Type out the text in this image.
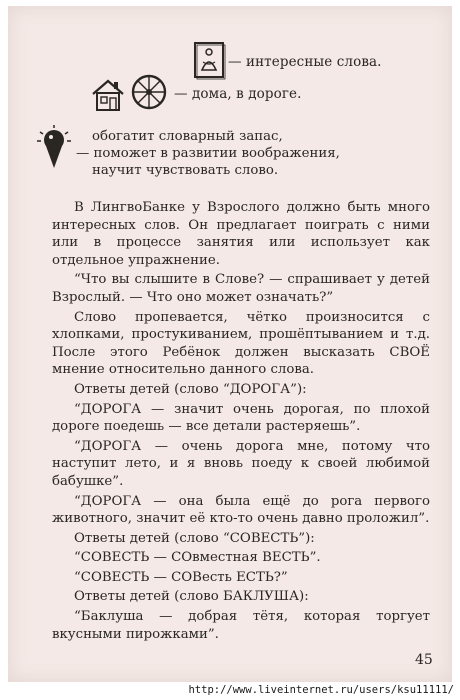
— интересные слова.
— дома, в дороге.
обогатит словарный запас,
— поможет в развитии воображения,
научит чувствовать слово.

В ЛингвоБанке у Взрослого должно быть много интересных слов. Он предлагает поиграть с ними или в процессе занятия или использует как отдельное упражнение.

“Что вы слышите в Слове? — спрашивает у детей Взрослый. — Что оно может означать?”

Слово пропевается, чётко произносится с хлопками, простукиванием, прошёптыванием и т.д. После этого Ребёнок должен высказать СВОЁ мнение относительно данного слова.

Ответы детей (слово “ДОРОГА”):

“ДОРОГА — значит очень дорогая, по плохой дороге поедешь — все детали растеряешь”.

“ДОРОГА — очень дорога мне, потому что наступит лето, и я вновь поеду к своей любимой бабушке”.

“ДОРОГА — она была ещё до рога первого животного, значит её кто-то очень давно проложил”.

Ответы детей (слово “СОВЕСТЬ”):

“СОВЕСТЬ — СОвместная ВЕСТЬ”.

“СОВЕСТЬ — СОВесть ЕСТЬ?”

Ответы детей (слово БАКЛУША):

“Баклуша — добрая тётя, которая торгует вкусными пирожками”.

45
http://www.liveinternet.ru/users/ksu11111/
